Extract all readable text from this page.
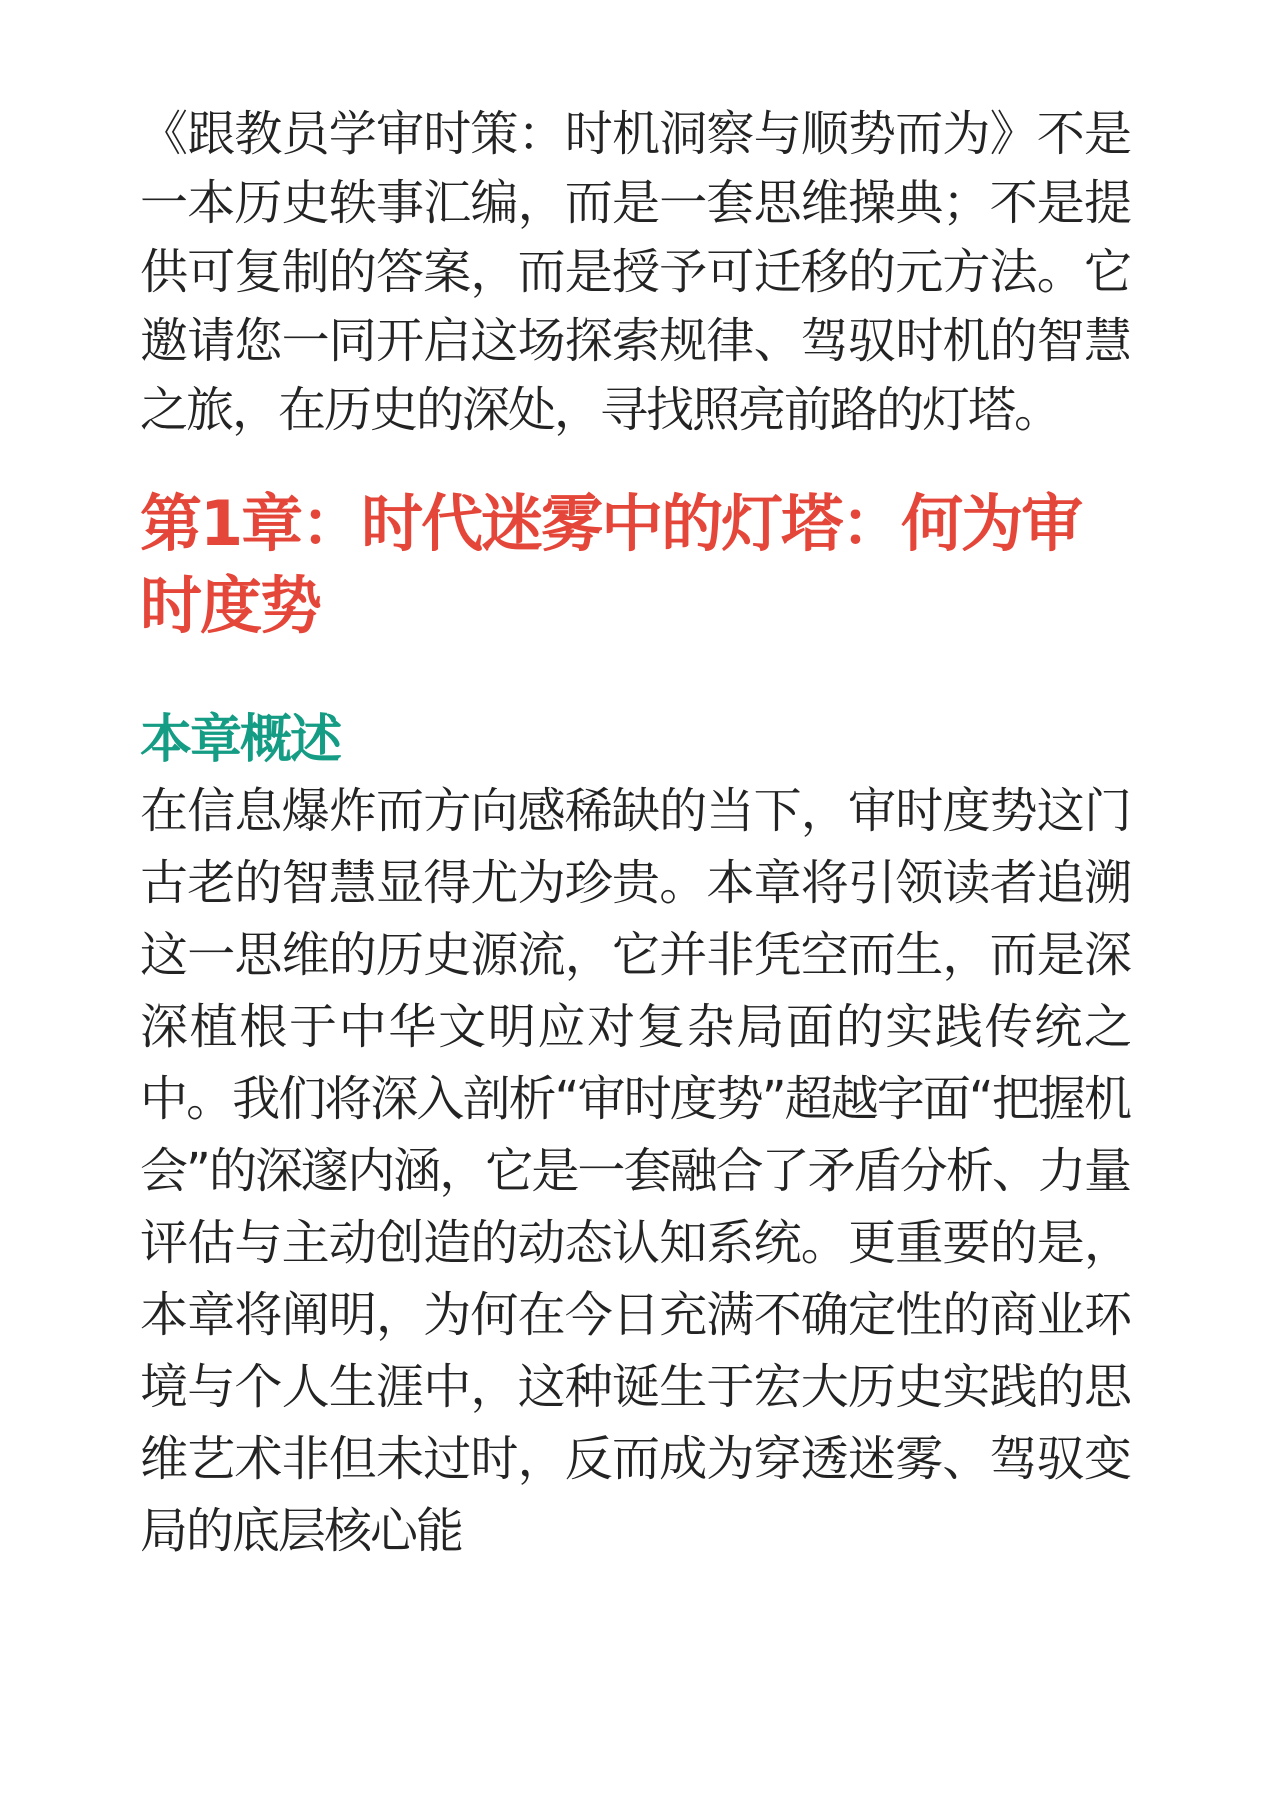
《跟教员学审时策：时机洞察与顺势而为》不是一本历史轶事汇编，而是一套思维操典；不是提供可复制的答案，而是授予可迁移的元方法。它邀请您一同开启这场探索规律、驾驭时机的智慧之旅，在历史的深处，寻找照亮前路的灯塔。

第1章：时代迷雾中的灯塔：何为审时度势
本章概述

在信息爆炸而方向感稀缺的当下，审时度势这门古老的智慧显得尤为珍贵。本章将引领读者追溯这一思维的历史源流，它并非凭空而生，而是深深植根于中华文明应对复杂局面的实践传统之中。我们将深入剖析“审时度势”超越字面“把握机会”的深邃内涵，它是一套融合了矛盾分析、力量评估与主动创造的动态认知系统。更重要的是，本章将阐明，为何在今日充满不确定性的商业环境与个人生涯中，这种诞生于宏大历史实践的思维艺术非但未过时，反而成为穿透迷雾、驾驭变局的底层核心能
